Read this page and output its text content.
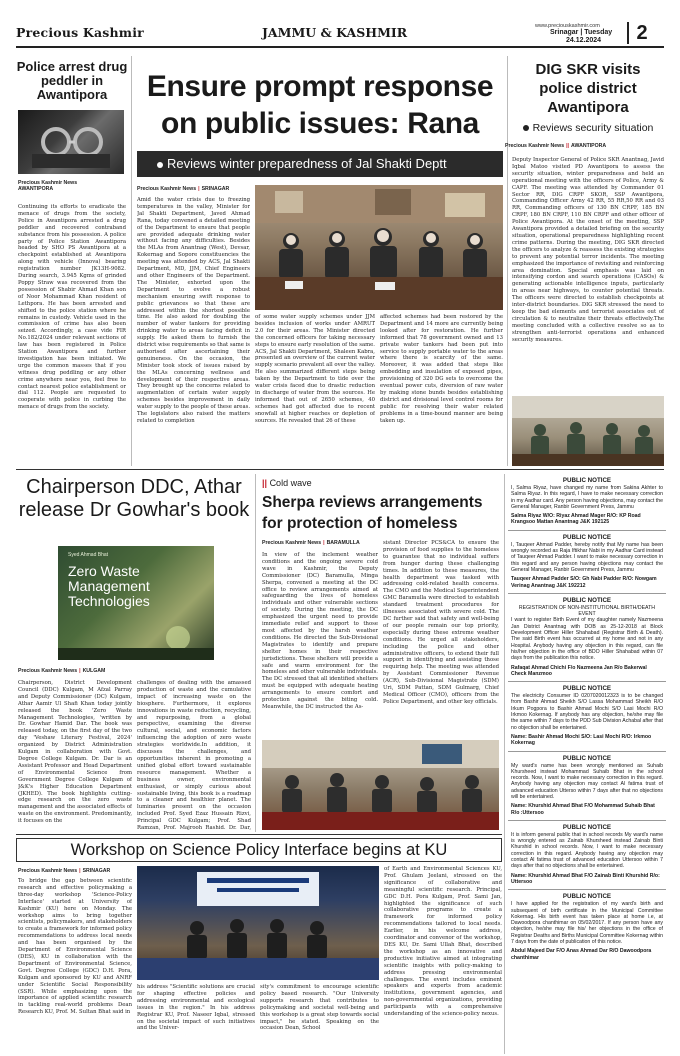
Precious Kashmir	JAMMU & KASHMIR	www.preciouskashmir.com
Srinagar | Tuesday
24.12.2024	2
Police arrest drug peddler in Awantipora
Precious Kashmir News
AWANTIPORA
Continuing its efforts to eradicate the menace of drugs from the society, Police in Awantipora arrested a drug peddler and recovered contraband substance from his possession. A police party of Police Station Awantipora headed by SHO PS Awantipora at a checkpoint established at Awantipora along with vehicle (Innova) bearing registration number JK13H-9082. During search, 3.945 Kgms of grinded Poppy Straw was recovered from the possession of Shabir Ahmad Khan son of Noor Mohammad Khan resident of Lethpora. He has been arrested and shifted to the police station where he remains in custody. Vehicle used in the commission of crime has also been seized. Accordingly, a case vide FIR No.182/2024 under relevant sections of law has been registered in Police Station Awantipora and further investigation has been initiated. We urge the common masses that if you witness drug peddling or any other crime anywhere near you, feel free to contact nearest police establishment or dial 112. People are requested to cooperate with police in curbing the menace of drugs from the society.
Ensure prompt response on public issues: Rana
Reviews winter preparedness of Jal Shakti Deptt
Precious Kashmir News | SRINAGAR
Amid the water crisis due to freezing temperatures in the valley, Minister for Jal Shakti Department, Javed Ahmad Rana, today convened a detailed meeting of the Department to ensure that people are provided adequate drinking water without facing any difficulties. Besides the MLAs from Anantnag (West), Devsar, Kokernag and Sopore constituencies the meeting was attended by ACS, Jal Shakti Department, MD, JJM, Chief Engineers and other Engineers of the Department. The Minister, exhorted upon the Department to evolve a robust mechanism ensuring swift response to public grievances so that these are addressed within the shortest possible time. He also asked for doubling the number of water tankers for providing drinking water to areas facing deficit in supply. He asked them to furnish the district wise requirements so that same is authorised after ascertaining their genuineness. On the occasion, the Minister took stock of issues raised by the MLAs concerning wellness and development of their respective areas. They brought up the concerns related to augmentation of certain water supply schemes besides improvement in daily water supply to the people of these areas. The legislators also raised the matters related to completion
of some water supply schemes under JJM besides inclusion of works under AMRUT 2.0 for their areas. The Minister directed the concerned officers for taking necessary steps to ensure early resolution of the same. ACS, Jal Shakti Department, Shaleen Kabra, presented an overview of the current water supply scenario prevalent all over the valley. He also summarized different steps being taken by the Department to tide over the water crisis faced due to drastic reduction in discharge of water from the sources. He informed that out of 2650 schemes, 40 schemes had got affected due to recent snowfall at higher reaches or depletion of sources. He revealed that 26 of these
affected schemes had been restored by the Department and 14 more are currently being looked after for restoration. He further informed that 78 government owned and 13 private water tankers had been put into service to supply portable water to the areas where there is scarcity of the same. Moreover, it was added that steps like embedding and insulation of exposed pipes, provisioning of 320 DG sets to overcome the eventual power cuts, diversion of raw water by making stone bunds besides establishing district and divisional level control rooms for public for resolving their water related problems in a time-bound manner are being taken up.
DIG SKR visits police district Awantipora
Reviews security situation
Precious Kashmir News || AWANTIPORA
Deputy Inspector General of Police SKR Anantnag, Javid Iqbal Matoo visited PD Awantipora to assess the security situation, winter preparedness and held an operational meeting with the officers of Police, Army & CAPF. The meeting was attended by Commander 01 Sector RR, DIG CRPF SKOR, SSP Awantipora, Commanding Officer Army 42 RR, 55 RR,50 RR and 03 RR, Commanding officers of 130 BN CRPF, 185 BN CRPF, 180 BN CRPF, 110 BN CRPF and other officer of Police Awantipora. At the onset of the meeting, SSP Awantipora provided a detailed briefing on the security situation, operational preparedness highlighting recent crime patterns. During the meeting, DIG SKR directed the officers to analyze & reassess the existing strategies to prevent any potential terror incidents. The meeting emphasized the importance of revisiting and reinforcing area domination. Special emphasis was laid on intensifying cordon and search operations (CASOs) & generating actionable intelligence inputs, particularly in areas near highways, to counter potential threats. The officers were directed to establish checkpoints at inter-district boundaries. DIG SKR stressed the need to keep the bad elements and terrorist associates out of circulation & to neutralize their threats effectively.The meeting concluded with a collective resolve so as to strengthen anti-terrorist operations and enhanced security measures.
Chairperson DDC, Athar release Dr Gowhar's book
Syed Ahmad Bhat
Zero Waste Management Technologies
Precious Kashmir News | KULGAM
Chairperson, District Development Council (DDC) Kulgam, M Afzal Parray and Deputy Commissioner (DC) Kulgam, Athar Aamir Ul Shafi Khan today jointly released the book 'Zero Waste Management Technologies, 'written by Dr. Gowhar Hamid Dar. The book was released today, on the first day of the two day 'Veshaw Literary Festival, 2024' organized by District Administration Kulgam in collaboration with Govt. Degree College Kulgam. Dr. Dar is an Assistant Professor and Head Department of Environmental Science from Government Degree College Kulgam of J&K's Higher Education Department (JKHED). The book highlights cutting-edge research on the zero waste management and the associated effects of waste on the environment. Predominantly, it focuses on the
challenges of dealing with the amassed production of waste and the cumulative impact of increasing waste on the biosphere. Furthermore, it explores innovations in waste reduction, recycling, and repurposing, from a global perspective, examining the diverse cultural, social, and economic factors influencing the adoption of zero waste strategies worldwide.In addition, it discusses the challenges, and opportunities inherent in promoting a unified global effort toward sustainable resource management. Whether a business owner, environmental enthusiast, or simply curious about sustainable living, this book is a roadmap to a cleaner and healthier planet. The luminaries present on the occasion included Prof. Syed Ezaz Hussain Rizvi, Principal GDC Kulgam; Prof. Shad Ramzan, Prof. Majrooh Rashid. Dr. Dar,
|| Cold wave
Sherpa reviews arrangements for protection of homeless
Precious Kashmir News | BARAMULLA
In view of the inclement weather conditions and the ongoing severe cold wave in Kashmir, the Deputy Commissioner (DC) Baramulla, Minga Sherpa, convened a meeting at the DC office to review arrangements aimed at safeguarding the lives of homeless individuals and other vulnerable sections of society. During the meeting, the DC emphasized the urgent need to provide immediate relief and support to those most affected by the harsh weather conditions. He directed the Sub-Divisional Magistrates to identify and prepare shelter homes in their respective jurisdictions. These shelters will provide a safe and warm environment for the homeless and other vulnerable individuals. The DC stressed that all identified shelters must be equipped with adequate heating arrangements to ensure comfort and protection against the biting cold. Meanwhile, the DC instructed the As-
sistant Director PCS&CA to ensure the provision of food supplies to the homeless to guarantee that no individual suffers from hunger during these challenging times. In addition to these measures, the health department was tasked with addressing cold-related health concerns. The CMO and the Medical Superintendent GMC Baramulla were directed to establish standard treatment procedures for illnesses associated with severe cold. The DC further said that safety and well-being of our people remain our top priority, especially during these extreme weather conditions. He urged all stakeholders, including the police and other administrative officers, to extend their full support in identifying and assisting those requiring help. The meeting was attended by Assistant Commissioner Revenue (ACR), Sub-Divisional Magistrate (SDM) Uri, SDM Pattan, SDM Gulmarg, Chief Medical Officer (CMO), officers from the Police Department, and other key officials.
PUBLIC NOTICE
I, Salma Riyaz, have changed my name from Sakina Akhter to Salma Riyaz. In this regard, I have to make necessary correction in my Aadhar card. Any person having objections, may contact the General Manager, Ranbir Government Press, Jammu
Salma Riyaz W/O: Riyaz Ahmad Mager R/O: KP Road Krangsoo Mattan Anantnag J&K 192125
PUBLIC NOTICE
I, Tauqeer Ahmad Padder, hereby notify that My name has been wrongly recorded as Raja Iftikhar Nabi in my Aadhar Card instead of Tauqeer Ahmad Padder. I want to make necessary correction in this regard and any person having objections may contact the General Manager, Ranbir Government Press, Jammu
Tauqeer Ahmad Padder S/O: Gh Nabi Padder R/O: Nowgam Verinag Anantnag J&K 192212
PUBLIC NOTICE
REGISTRATION OF NON-INSTITUTIONAL BIRTH/DEATH EVENT
I want to register Birth Event of my daughter namely Nazmeena Jan District Anantnag with DOB as 25-12-2018 at Block Development Officer Hiller Shahabad (Registrar Birth & Death). The said Birth event has occurred at my home and not in any Hospital. Anybody having any objection in this regard, can file his/her objection in the office of BDO Hiller Shahabad within 07 days from the publication this notice.
Rafaqat Ahmad Chichi F/o Nazmeena Jan R/o Bakerwal Check Manzmoo
PUBLIC NOTICE
The electricity Consumer ID 0207020012323 is to be changed from Bashir Ahmad Sheikh S/O Lassa Mohammad Sheikh R/O Irkum Pogpora to Bashir Ahmad Mochi S/O Lasi Mochi R/O Irkmoo Kokernag. If anybody has any objection, he/she may file the same within 7 days to the PDD Sub Division Achabal after that no objection shall be entertained.
Name: Bashir Ahmad Mochi S/O: Lasi Mochi R/O: Irkmoo Kokernag
PUBLIC NOTICE
My ward's name has been wrongly mentioned as Suhaib Khursheed instead Mohammad Suhaib Bhat in the school records. Now, I want to make necessary correction in this regard. Anybody having any objection may contact Al fatima trust of advanced education Utterso within 7 days after that no objections will be entertained.
Name: Khurshid Ahmad Bhat F/O Mohammad Suhaib Bhat R/o :Uttersoo
PUBLIC NOTICE
It is inform general public that in school records My ward's name is wrongly entered as Zainab Khursheed instead Zainab Binti Khurshid in school records. Now, I want to make necessary correction in this regard. Anybody having any objection may contact Al fatima trust of advanced education Uttersoo within 7 days after that no objections shall be entertained.
Name: Khurshid Ahmad Bhat F/O Zainab Binti Khurshid R/o: Uttersoo
PUBLIC NOTICE
I have applied for the registration of my ward's birth and subsequent of birth certificate in the Municipal Committee Kokernag. His birth event has taken place at home i.e, at Dawoodpora chanthimar on 05/02/2017. If any person have any objection, he/she may file his/ her objections in the office of Registrar Deaths and Births Municipal Committee Kokernag within 7 days from the date of publication of this notice.
Abdul Majeed Dar F/O Anas Ahmad Dar R/O Dawoodpora chanthimar
Workshop on Science Policy Interface begins at KU
Precious Kashmir News | SRINAGAR
To bridge the gap between scientific research and effective policymaking a three-day workshop 'Science-Policy Interface' started at University of Kashmir (KU) here on Monday. The workshop aims to bring together scientists, policymakers, and stakeholders to create a framework for informed policy recommendations to address local needs and has been organised by the Department of Environmental Science (DES), KU in collaboration with the Department of Environmental Science, Govt. Degree College (GDC) D.H. Pora, Kulgam and sponsored by KU and ANRF under Scientific Social Responsibility (SSR). While emphasizing upon the importance of applied scientific research in tackling real-world problems Dean Research KU, Prof. M. Sultan Bhat said in
his address "Scientific solutions are crucial for shaping effective policies and addressing environmental and ecological issues in the region." In his address Registrar KU, Prof. Naseer Iqbal, stressed on the societal impact of such initiatives and the Univer-
sity's commitment to encourage scientific policy based research. "Our University supports research that contributes to policymaking and societal well-being and this workshop is a great step towards social impact," he stated. Speaking on the occasion Dean, School
of Earth and Environmental Sciences KU, Prof. Ghulam Jeelani, stressed on the significance of collaborative and meaningful scientific research. Principal, GDC D.H. Pora Kulgam, Prof. Sami Jan, highlighted the significance of such collaborative programs to create a framework for informed policy recommendations tailored to local needs. Earlier, in his welcome address, coordinator and convenor of the workshop, DES KU, Dr. Sami Ullah Bhat, described the workshop as an innovative and productive initiative aimed at integrating scientific insights with policy-making to address pressing environmental challenges. The event includes eminent speakers and experts from academic institutions, government agencies, and non-governmental organizations, providing participants with a comprehensive understanding of the science-policy nexus.
